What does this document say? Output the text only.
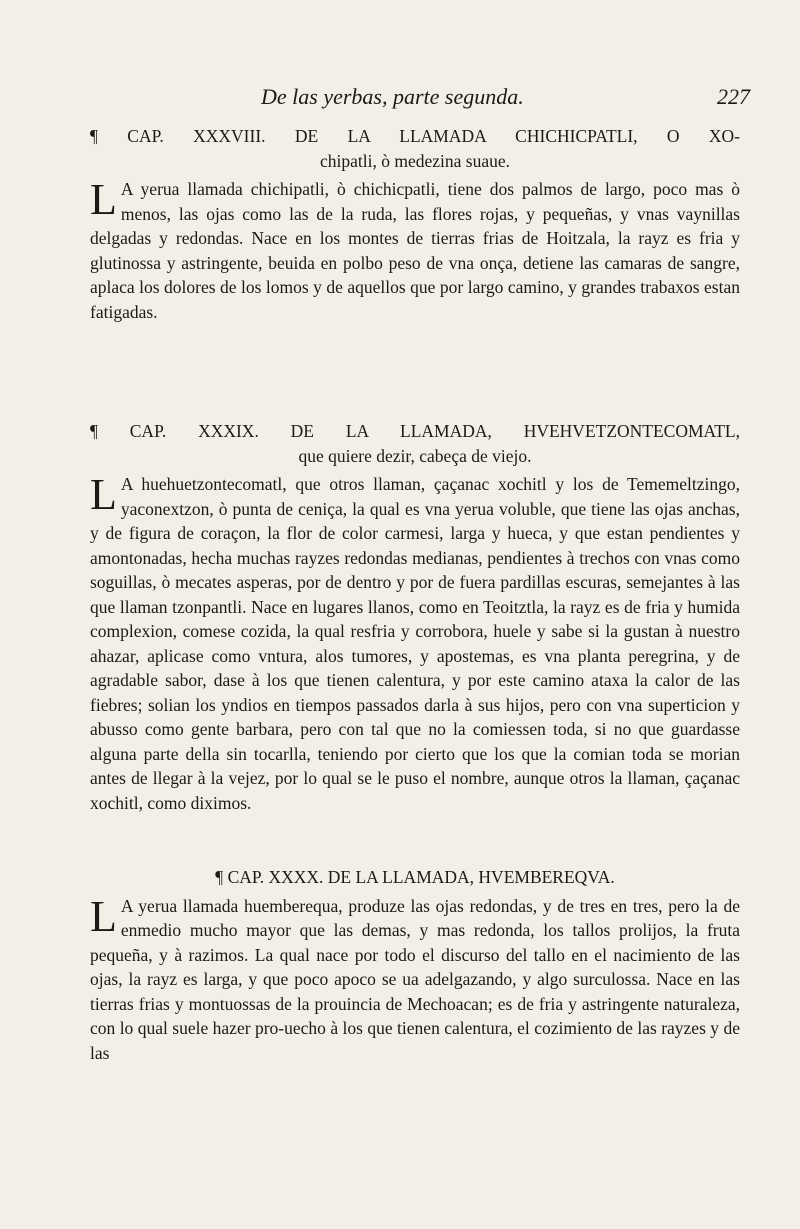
De las yerbas, parte segunda.	227
¶ CAP. XXXVIII. DE LA LLAMADA CHICHICPATLI, O XO-
chipatli, ò medezina suaue.
L A yerua llamada chichipatli, ò chichicpatli, tiene dos palmos de largo, poco mas ò menos, las ojas como las de la ruda, las flores rojas, y pequeñas, y vnas vaynillas delgadas y redondas. Nace en los montes de tierras frias de Hoitzala, la rayz es fria y glutinossa y astringente, beuida en polbo peso de vna onça, detiene las camaras de sangre, aplaca los dolores de los lomos y de aquellos que por largo camino, y grandes trabaxos estan fatigadas.

¶ CAP. XXXIX. DE LA LLAMADA, HVEHVETZONTECOMATL,
que quiere dezir, cabeça de viejo.
L A huehuetzontecomatl, que otros llaman, çaçanac xochitl y los de Tememeltzingo, yaconextzon, ò punta de ceniça, la qual es vna yerua voluble, que tiene las ojas anchas, y de figura de coraçon, la flor de color carmesi, larga y hueca, y que estan pendientes y amontonadas, hecha muchas rayzes redondas medianas, pendientes à trechos con vnas como soguillas, ò mecates asperas, por de dentro y por de fuera pardillas escuras, semejantes à las que llaman tzonpantli. Nace en lugares llanos, como en Teoitztla, la rayz es de fria y humida complexion, comese cozida, la qual resfria y corrobora, huele y sabe si la gustan à nuestro ahazar, aplicase como vntura, alos tumores, y apostemas, es vna planta peregrina, y de agradable sabor, dase à los que tienen calentura, y por este camino ataxa la calor de las fiebres; solian los yndios en tiempos passados darla à sus hijos, pero con vna superticion y abusso como gente barbara, pero con tal que no la comiessen toda, si no que guardasse alguna parte della sin tocarlla, teniendo por cierto que los que la comian toda se morian antes de llegar à la vejez, por lo qual se le puso el nombre, aunque otros la llaman, çaçanac xochitl, como diximos.

¶ CAP. XXXX. DE LA LLAMADA, HVEMBEREQVA.
L A yerua llamada huemberequa, produze las ojas redondas, y de tres en tres, pero la de enmedio mucho mayor que las demas, y mas redonda, los tallos prolijos, la fruta pequeña, y à razimos. La qual nace por todo el discurso del tallo en el nacimiento de las ojas, la rayz es larga, y que poco apoco se ua adelgazando, y algo surculossa. Nace en las tierras frias y montuossas de la prouincia de Mechoacan; es de fria y astringente naturaleza, con lo qual suele hazer pro-uecho à los que tienen calentura, el cozimiento de las rayzes y de las
